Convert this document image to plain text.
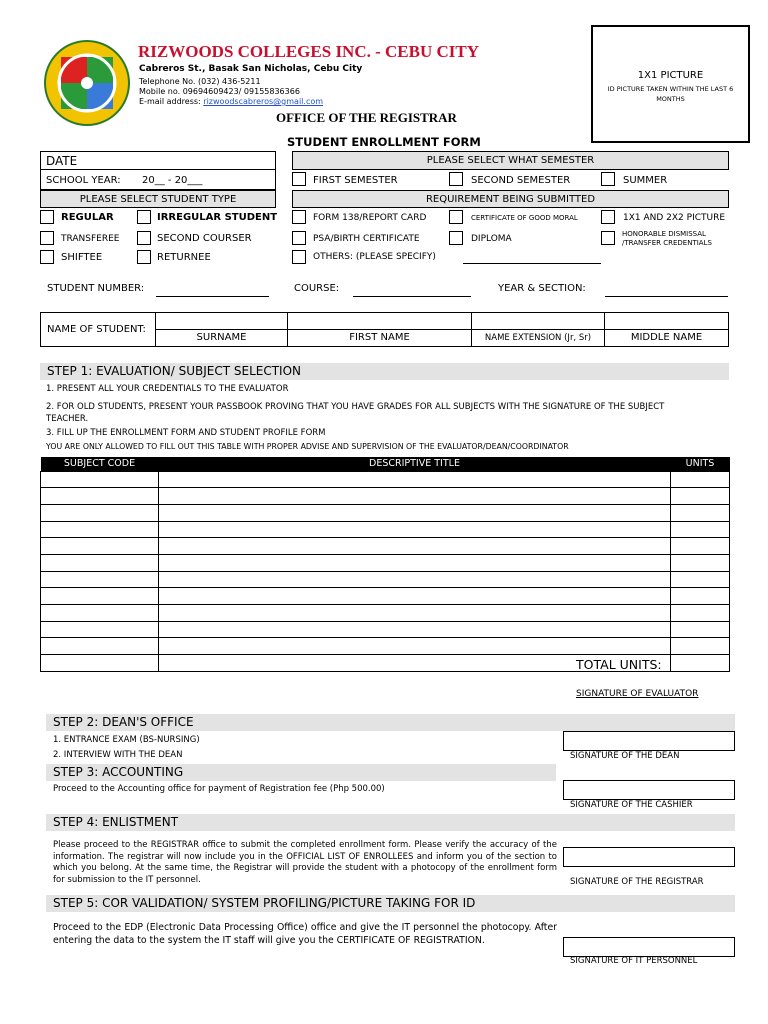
RIZWOODS COLLEGES INC. - CEBU CITY
Cabreros St., Basak San Nicholas, Cebu City
Telephone No. (032) 436-5211
Mobile no. 09694609423/ 09155836366
E-mail address: rizwoodscabreros@gmail.com
1X1 PICTURE
ID PICTURE TAKEN WITHIN THE LAST 6 MONTHS
OFFICE OF THE REGISTRAR
STUDENT ENROLLMENT FORM
DATE
SCHOOL YEAR: 20__ - 20___
PLEASE SELECT STUDENT TYPE
REGULAR	IRREGULAR STUDENT
TRANSFEREE	SECOND COURSER
SHIFTEE	RETURNEE
PLEASE SELECT WHAT SEMESTER
FIRST SEMESTER	SECOND SEMESTER	SUMMER
REQUIREMENT BEING SUBMITTED
FORM 138/REPORT CARD	CERTIFICATE OF GOOD MORAL	1X1 AND 2X2 PICTURE
PSA/BIRTH CERTIFICATE	DIPLOMA	HONORABLE DISMISSAL /TRANSFER CREDENTIALS
OTHERS: (PLEASE SPECIFY)
STUDENT NUMBER:	COURSE:	YEAR & SECTION:
NAME OF STUDENT:
SURNAME	FIRST NAME	NAME EXTENSION (Jr, Sr)	MIDDLE NAME
STEP 1: EVALUATION/ SUBJECT SELECTION
1. PRESENT ALL YOUR CREDENTIALS TO THE EVALUATOR
2. FOR OLD STUDENTS, PRESENT YOUR PASSBOOK PROVING THAT YOU HAVE GRADES FOR ALL SUBJECTS WITH THE SIGNATURE OF THE SUBJECT TEACHER.
3. FILL UP THE ENROLLMENT FORM AND STUDENT PROFILE FORM
YOU ARE ONLY ALLOWED TO FILL OUT THIS TABLE WITH PROPER ADVISE AND SUPERVISION OF THE EVALUATOR/DEAN/COORDINATOR
SUBJECT CODE	DESCRIPTIVE TITLE	UNITS

TOTAL UNITS:
SIGNATURE OF EVALUATOR
STEP 2: DEAN'S OFFICE
1. ENTRANCE EXAM (BS-NURSING)
2. INTERVIEW WITH THE DEAN	SIGNATURE OF THE DEAN
STEP 3: ACCOUNTING
Proceed to the Accounting office for payment of Registration fee (Php 500.00)
SIGNATURE OF THE CASHIER
STEP 4: ENLISTMENT
Please proceed to the REGISTRAR office to submit the completed enrollment form. Please verify the accuracy of the information. The registrar will now include you in the OFFICIAL LIST OF ENROLLEES and inform you of the section to which you belong. At the same time, the Registrar will provide the student with a photocopy of the enrollment form for submission to the IT personnel.	SIGNATURE OF THE REGISTRAR
STEP 5: COR VALIDATION/ SYSTEM PROFILING/PICTURE TAKING FOR ID
Proceed to the EDP (Electronic Data Processing Office) office and give the IT personnel the photocopy. After entering the data to the system the IT staff will give you the CERTIFICATE OF REGISTRATION.
SIGNATURE OF IT PERSONNEL
